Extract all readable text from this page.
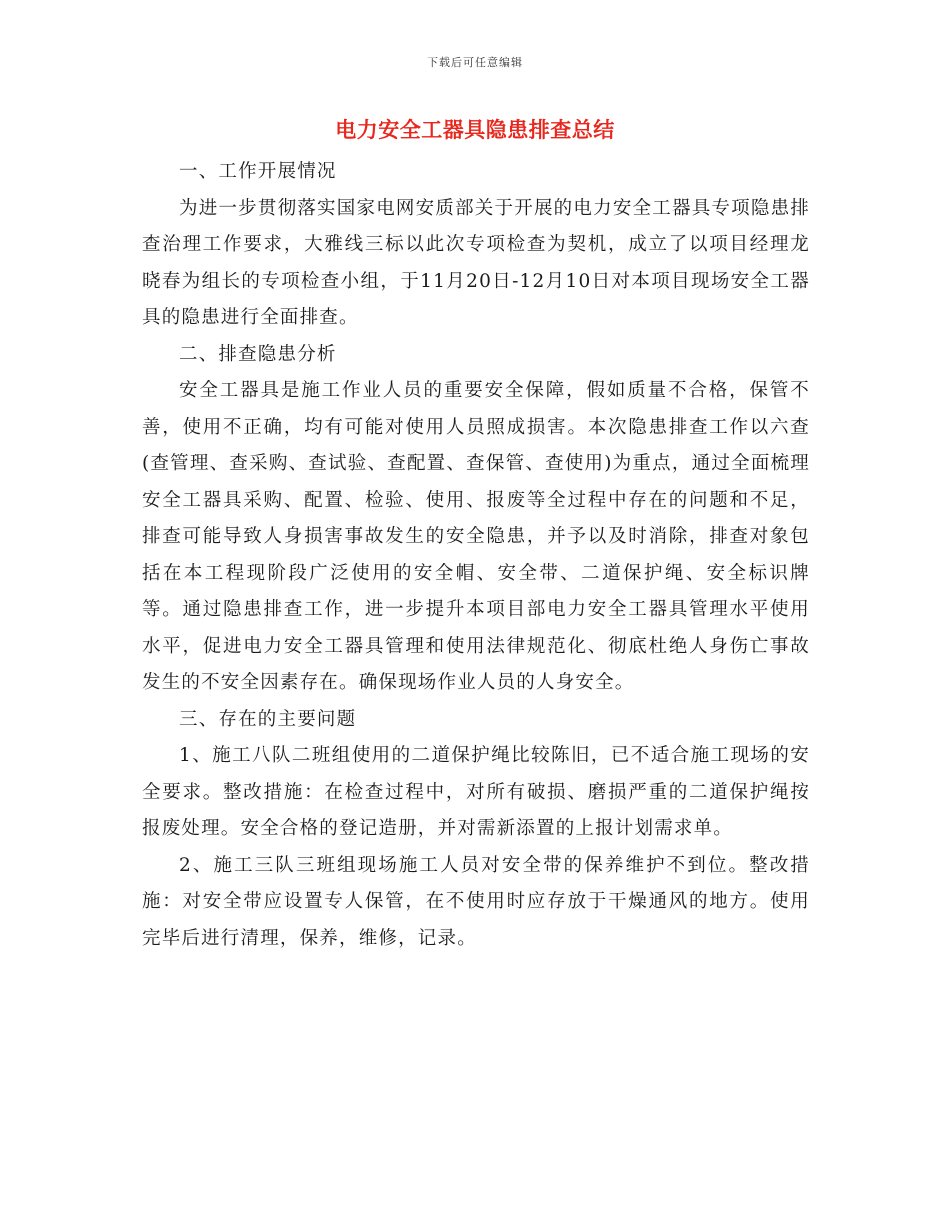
下载后可任意编辑
电力安全工器具隐患排查总结

一、工作开展情况

为进一步贯彻落实国家电网安质部关于开展的电力安全工器具专项隐患排查治理工作要求，大雅线三标以此次专项检查为契机，成立了以项目经理龙晓春为组长的专项检查小组，于11月20日-12月10日对本项目现场安全工器具的隐患进行全面排查。

二、排查隐患分析

安全工器具是施工作业人员的重要安全保障，假如质量不合格，保管不善，使用不正确，均有可能对使用人员照成损害。本次隐患排查工作以六查(查管理、查采购、查试验、查配置、查保管、查使用)为重点，通过全面梳理安全工器具采购、配置、检验、使用、报废等全过程中存在的问题和不足，排查可能导致人身损害事故发生的安全隐患，并予以及时消除，排查对象包括在本工程现阶段广泛使用的安全帽、安全带、二道保护绳、安全标识牌等。通过隐患排查工作，进一步提升本项目部电力安全工器具管理水平使用水平，促进电力安全工器具管理和使用法律规范化、彻底杜绝人身伤亡事故发生的不安全因素存在。确保现场作业人员的人身安全。

三、存在的主要问题

1、施工八队二班组使用的二道保护绳比较陈旧，已不适合施工现场的安全要求。整改措施：在检查过程中，对所有破损、磨损严重的二道保护绳按报废处理。安全合格的登记造册，并对需新添置的上报计划需求单。

2、施工三队三班组现场施工人员对安全带的保养维护不到位。整改措施：对安全带应设置专人保管，在不使用时应存放于干燥通风的地方。使用完毕后进行清理，保养，维修，记录。
